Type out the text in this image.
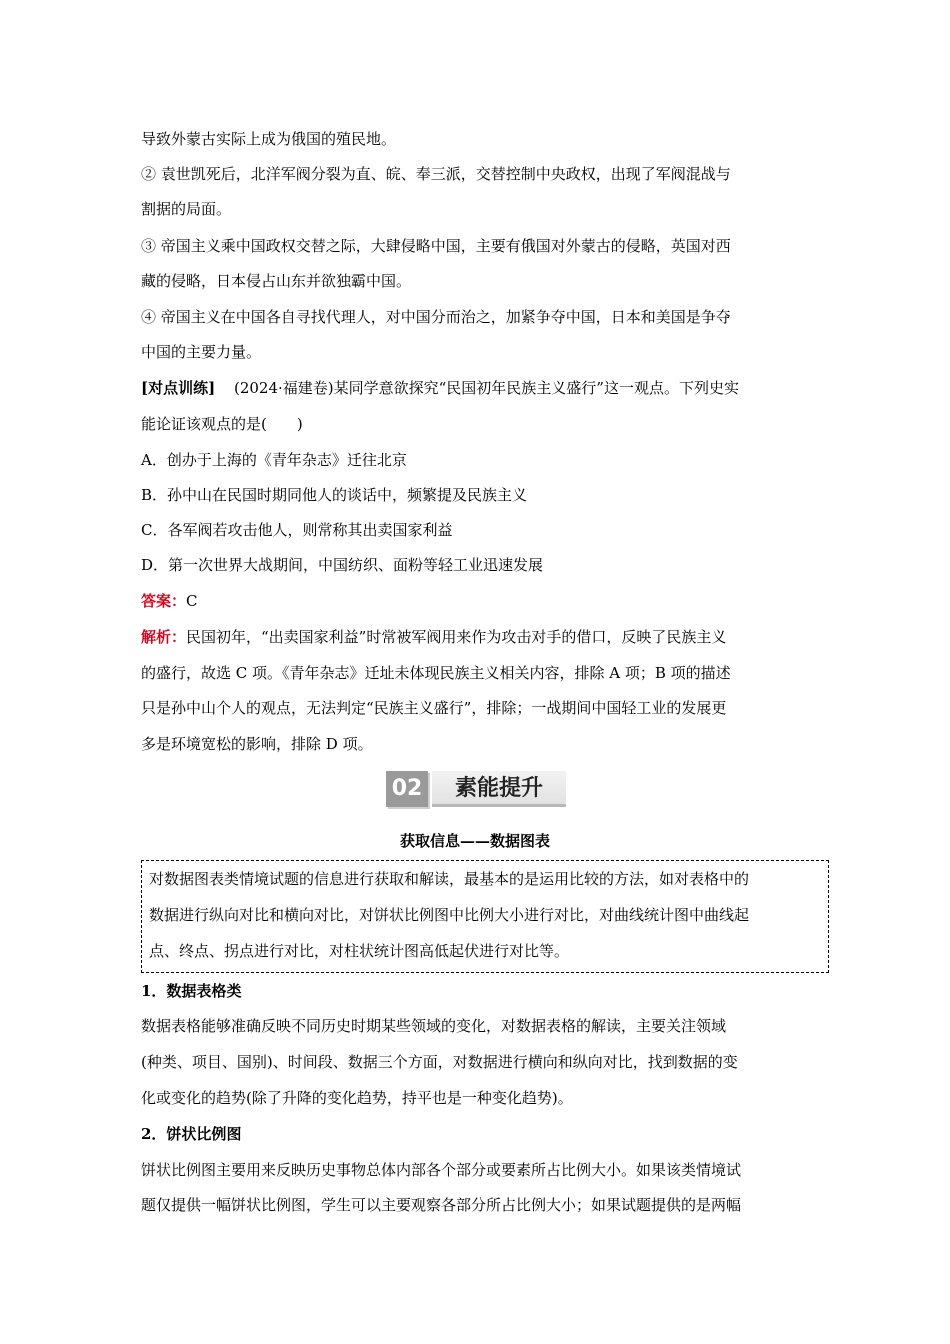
导致外蒙古实际上成为俄国的殖民地。
② 袁世凯死后，北洋军阀分裂为直、皖、奉三派，交替控制中央政权，出现了军阀混战与
割据的局面。
③ 帝国主义乘中国政权交替之际，大肆侵略中国，主要有俄国对外蒙古的侵略，英国对西
藏的侵略，日本侵占山东并欲独霸中国。
④ 帝国主义在中国各自寻找代理人，对中国分而治之，加紧争夺中国，日本和美国是争夺
中国的主要力量。
[对点训练] (2024·福建卷)某同学意欲探究“民国初年民族主义盛行”这一观点。下列史实
能论证该观点的是(　　)
A．创办于上海的《青年杂志》迁往北京
B．孙中山在民国时期同他人的谈话中，频繁提及民族主义
C．各军阀若攻击他人，则常称其出卖国家利益
D．第一次世界大战期间，中国纺织、面粉等轻工业迅速发展
答案：C
解析：民国初年，“出卖国家利益”时常被军阀用来作为攻击对手的借口，反映了民族主义
的盛行，故选 C 项。《青年杂志》迁址未体现民族主义相关内容，排除 A 项；B 项的描述
只是孙中山个人的观点，无法判定“民族主义盛行”，排除；一战期间中国轻工业的发展更
多是环境宽松的影响，排除 D 项。
02	素能提升
获取信息——数据图表
对数据图表类情境试题的信息进行获取和解读，最基本的是运用比较的方法，如对表格中的
数据进行纵向对比和横向对比，对饼状比例图中比例大小进行对比，对曲线统计图中曲线起
点、终点、拐点进行对比，对柱状统计图高低起伏进行对比等。
1．数据表格类
数据表格能够准确反映不同历史时期某些领域的变化，对数据表格的解读，主要关注领域
(种类、项目、国别)、时间段、数据三个方面，对数据进行横向和纵向对比，找到数据的变
化或变化的趋势(除了升降的变化趋势，持平也是一种变化趋势)。
2．饼状比例图
饼状比例图主要用来反映历史事物总体内部各个部分或要素所占比例大小。如果该类情境试
题仅提供一幅饼状比例图，学生可以主要观察各部分所占比例大小；如果试题提供的是两幅
